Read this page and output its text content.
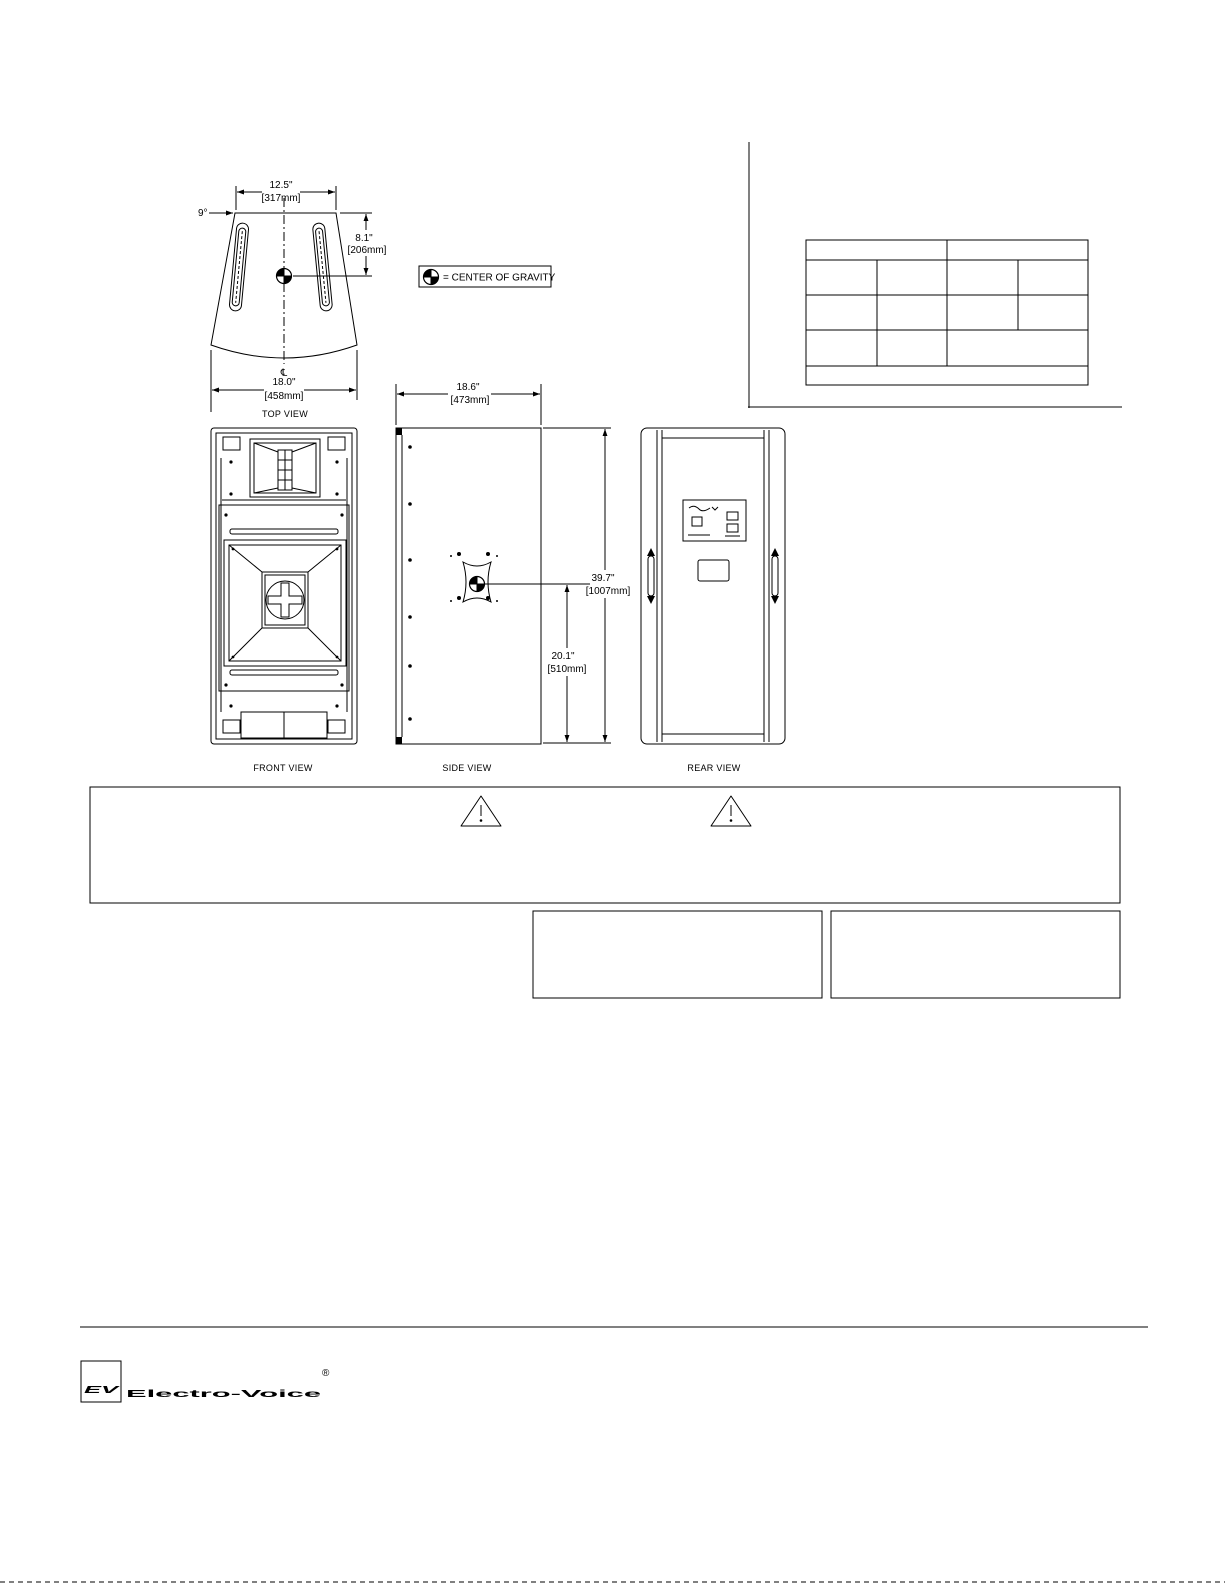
12.5"
[317mm]
9°
8.1"
[206mm]
℄
18.0"
[458mm]
TOP VIEW
= CENTER OF GRAVITY
FRONT VIEW
18.6"
[473mm]
39.7"
[1007mm]
20.1"
[510mm]
SIDE VIEW	REAR VIEW
EV Electro-Voice
®
